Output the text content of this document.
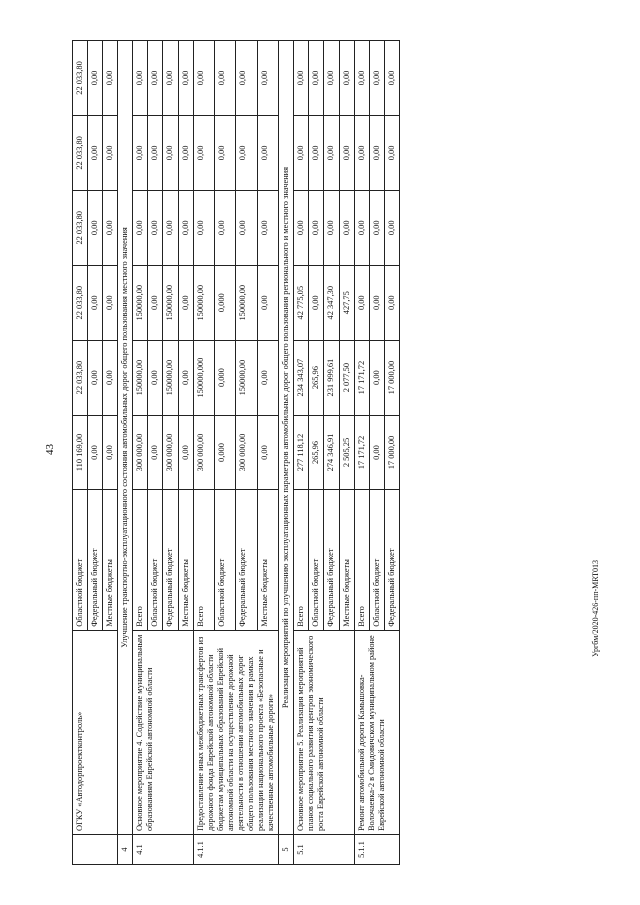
43
Ургбм/2020-426-пп-MRT013
	ОГКУ «Автодорпроектконтроль»	Областной бюджет	110 169,00	22 033,80	22 033,80	22 033,80	22 033,80	22 033,80
		Федеральный бюджет	0,00	0,00	0,00	0,00	0,00	0,00
		Местные бюджеты	0,00	0,00	0,00	0,00	0,00	0,00
4	Улучшение транспортно-эксплуатационного состояния автомобильных дорог общего пользования местного значения							
4.1	Основное мероприятие 4. Содействие муниципальным образованиям Еврейской автономной области	Всего	300 000,00	150000,00	150000,00	0,00	0,00	0,00
		Областной бюджет	0,00	0,00	0,00	0,00	0,00	0,00
		Федеральный бюджет	300 000,00	150000,00	150000,00	0,00	0,00	0,00
		Местные бюджеты	0,00	0,00	0,00	0,00	0,00	0,00
4.1.1	Предоставление иных межбюджетных трансфертов из дорожного фонда Еврейской автономной области бюджетам муниципальных образований Еврейской автономной области на осуществление дорожной деятельности в отношении автомобильных дорог общего пользования местного значения в рамках реализации национального проекта «Безопасные и качественные автомобильные дороги»	Всего	300 000,00	150000,000	150000,00	0,00	0,00	0,00
		Областной бюджет	0,000	0,000	0,000	0,00	0,00	0,00
		Федеральный бюджет	300 000,00	150000,00	150000,00	0,00	0,00	0,00
		Местные бюджеты	0,00	0,00	0,00	0,00	0,00	0,00
5	Реализация мероприятий по улучшению эксплуатационных параметров автомобильных дорог общего пользования регионального и местного значения							
5.1	Основное мероприятие 5. Реализация мероприятий планов социального развития центров экономического роста Еврейской автономной области	Всего	277 118,12	234 343,07	42 775,05	0,00	0,00	0,00
		Областной бюджет	265,96	265,96	0,00	0,00	0,00	0,00
		Федеральный бюджет	274 346,91	231 999,61	42 347,30	0,00	0,00	0,00
		Местные бюджеты	2 505,25	2 077,50	427,75	0,00	0,00	0,00
5.1.1	Ремонт автомобильной дороги Камышовка-Волочаевка-2 в Смидовичском муниципальном районе Еврейской автономной области	Всего	17 171,72	17 171,72	0,00	0,00	0,00	0,00
		Областной бюджет	0,00	0,00	0,00	0,00	0,00	0,00
		Федеральный бюджет	17 000,00	17 000,00	0,00	0,00	0,00	0,00
